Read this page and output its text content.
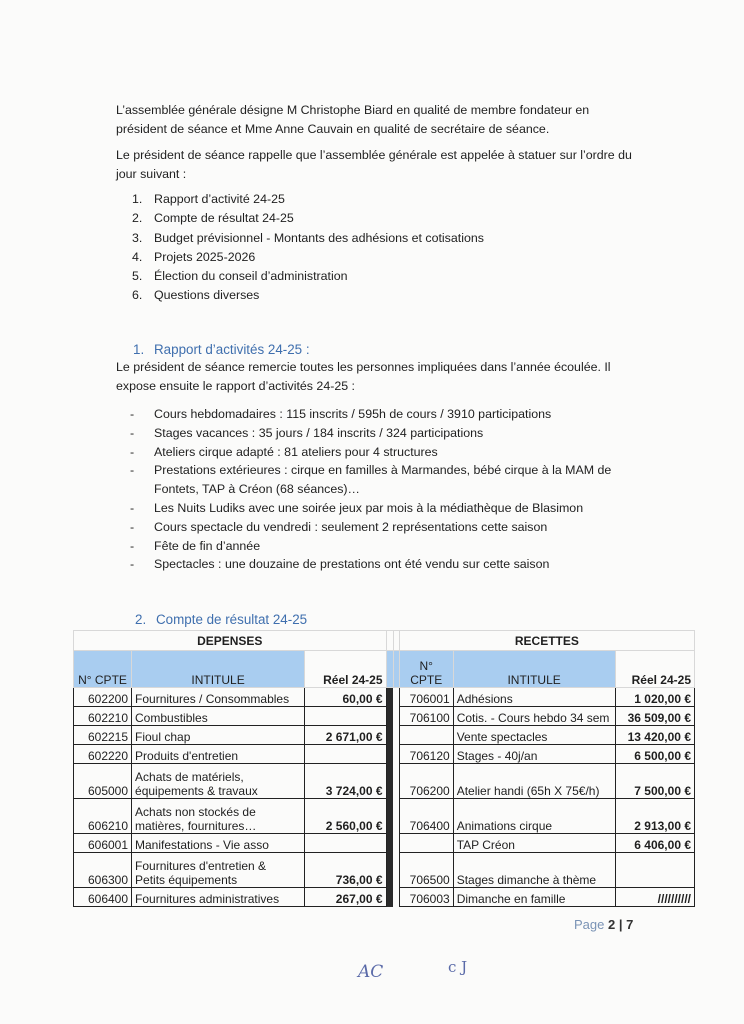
L’assemblée générale désigne M Christophe Biard en qualité de membre fondateur en
président de séance et Mme Anne Cauvain en qualité de secrétaire de séance.

Le président de séance rappelle que l’assemblée générale est appelée à statuer sur l’ordre du
jour suivant :

1. Rapport d’activité 24-25
2. Compte de résultat 24-25
3. Budget prévisionnel - Montants des adhésions et cotisations
4. Projets 2025-2026
5. Élection du conseil d’administration
6. Questions diverses
1. Rapport d’activités 24-25 :

Le président de séance remercie toutes les personnes impliquées dans l’année écoulée. Il
expose ensuite le rapport d’activités 24-25 :

- Cours hebdomadaires : 115 inscrits / 595h de cours / 3910 participations
- Stages vacances : 35 jours / 184 inscrits / 324 participations
- Ateliers cirque adapté : 81 ateliers pour 4 structures
- Prestations extérieures : cirque en familles à Marmandes, bébé cirque à la MAM de Fontets, TAP à Créon (68 séances)…
- Les Nuits Ludiks avec une soirée jeux par mois à la médiathèque de Blasimon
- Cours spectacle du vendredi : seulement 2 représentations cette saison
- Fête de fin d’année
- Spectacles : une douzaine de prestations ont été vendu sur cette saison
2. Compte de résultat 24-25
DEPENSES					RECETTES		
N° CPTE	INTITULE	Réel 24-25			N°
CPTE	INTITULE	Réel 24-25
602200	Fournitures / Consommables	60,00 €			706001	Adhésions	1 020,00 €
602210	Combustibles				706100	Cotis. - Cours hebdo 34 sem	36 509,00 €
602215	Fioul chap	2 671,00 €				Vente spectacles	13 420,00 €
602220	Produits d'entretien				706120	Stages - 40j/an	6 500,00 €
605000	Achats de matériels,
équipements & travaux	3 724,00 €			706200	Atelier handi (65h X 75€/h)	7 500,00 €
606210	Achats non stockés de
matières, fournitures…	2 560,00 €			706400	Animations cirque	2 913,00 €
606001	Manifestations - Vie asso					TAP Créon	6 406,00 €
606300	Fournitures d'entretien &
Petits équipements	736,00 €			706500	Stages dimanche à thème	
606400	Fournitures administratives	267,00 €			706003	Dimanche en famille	//////////
Page 2 | 7
AC	c J
